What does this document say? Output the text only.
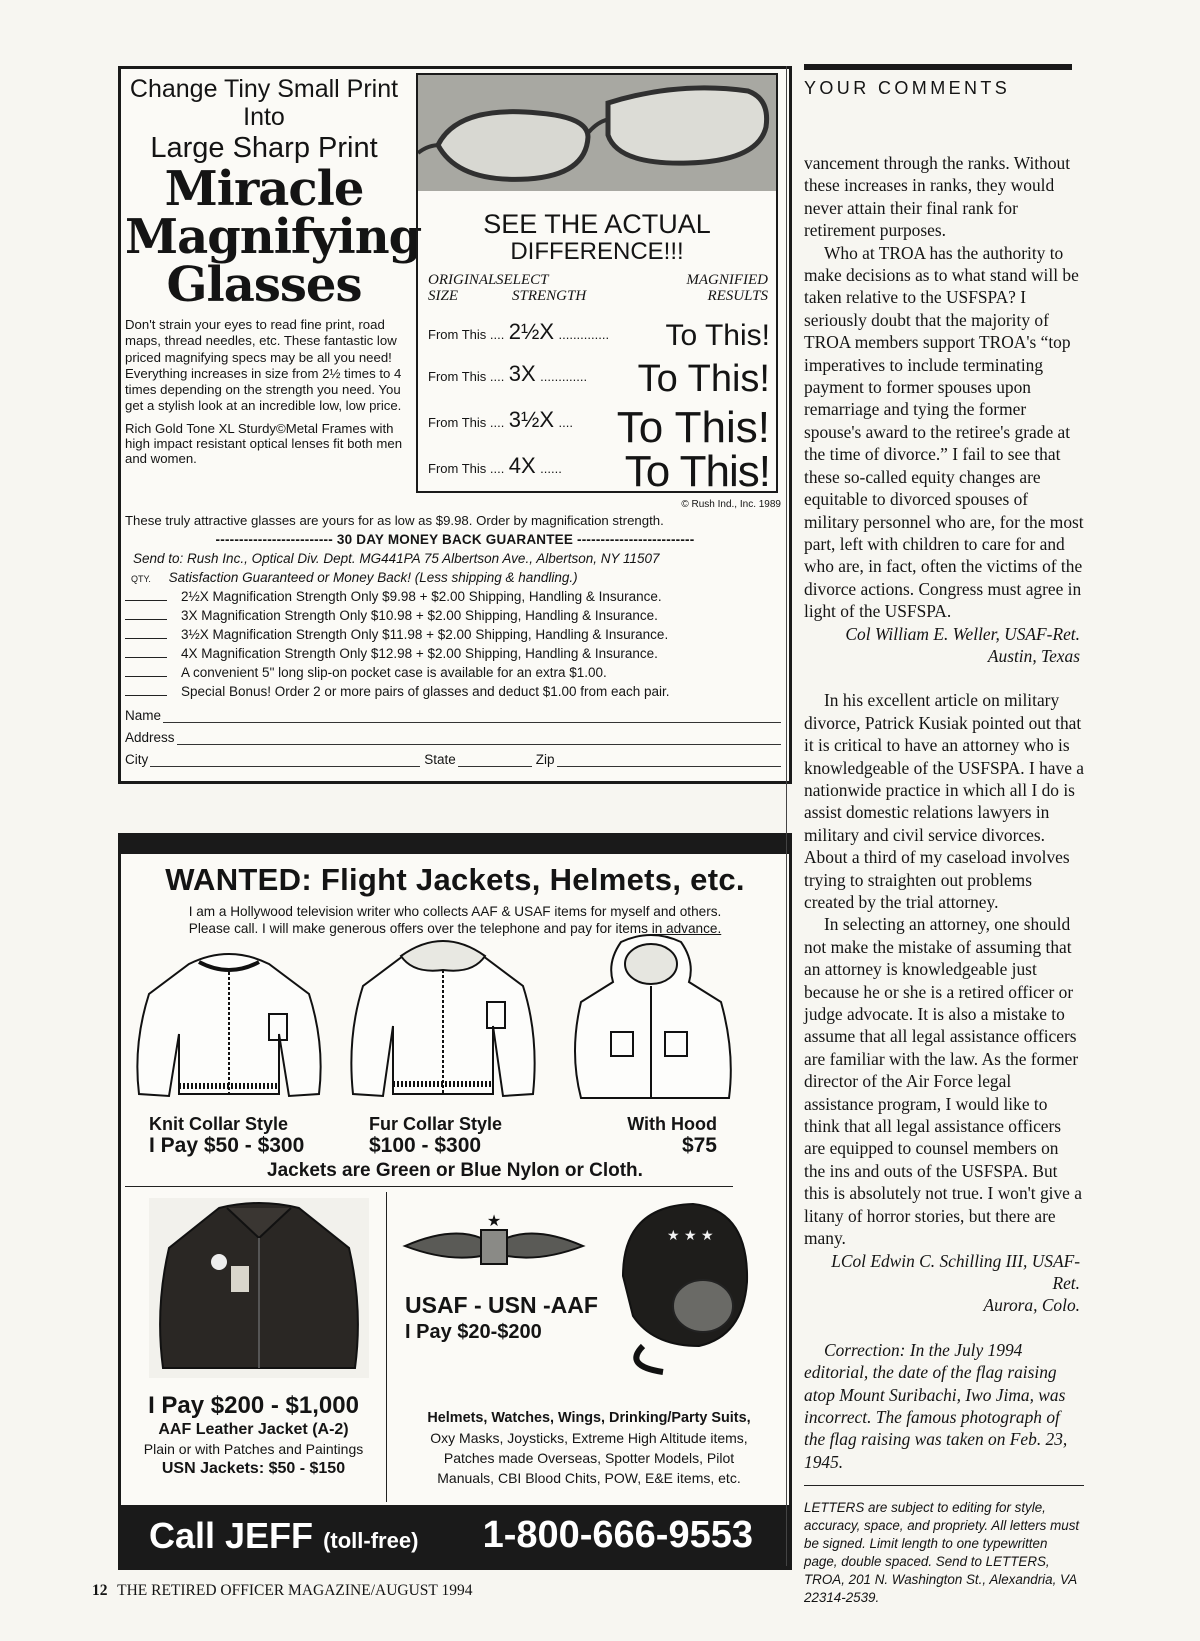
Change Tiny Small Print
Into
Large Sharp Print
Miracle
Magnifying
Glasses
Don't strain your eyes to read fine print, road maps, thread needles, etc. These fantastic low priced magnifying specs may be all you need! Everything increases in size from 2½ times to 4 times depending on the strength you need. You get a stylish look at an incredible low, low price.
Rich Gold Tone XL Sturdy©Metal Frames with high impact resistant optical lenses fit both men and women.
SEE THE ACTUAL
DIFFERENCE!!!
ORIGINAL
SIZE
SELECT
STRENGTH
MAGNIFIED
RESULTS
From This .... 2½X .............. To This!
From This .... 3X ............. To This!
From This .... 3½X .... To This!
From This .... 4X ...... To This!
© Rush Ind., Inc. 1989
These truly attractive glasses are yours for as low as $9.98. Order by magnification strength.
------------------------- 30 DAY MONEY BACK GUARANTEE -------------------------
Send to: Rush Inc., Optical Div. Dept. MG441PA 75 Albertson Ave., Albertson, NY 11507
QTY. Satisfaction Guaranteed or Money Back! (Less shipping & handling.)
2½X Magnification Strength Only $9.98 + $2.00 Shipping, Handling & Insurance.
3X Magnification Strength Only $10.98 + $2.00 Shipping, Handling & Insurance.
3½X Magnification Strength Only $11.98 + $2.00 Shipping, Handling & Insurance.
4X Magnification Strength Only $12.98 + $2.00 Shipping, Handling & Insurance.
A convenient 5" long slip-on pocket case is available for an extra $1.00.
Special Bonus! Order 2 or more pairs of glasses and deduct $1.00 from each pair.
Name
Address
City	State	Zip
WANTED: Flight Jackets, Helmets, etc.
I am a Hollywood television writer who collects AAF & USAF items for myself and others.
Please call. I will make generous offers over the telephone and pay for items in advance.
Knit Collar Style
I Pay $50 - $300
Fur Collar Style
$100 - $300
With Hood
$75
Jackets are Green or Blue Nylon or Cloth.
★
★ ★ ★
USAF - USN -AAF
I Pay $20-$200
I Pay $200 - $1,000
AAF Leather Jacket (A-2)
Plain or with Patches and Paintings
USN Jackets: $50 - $150
Helmets, Watches, Wings, Drinking/Party Suits,
Oxy Masks, Joysticks, Extreme High Altitude items,
Patches made Overseas, Spotter Models, Pilot
Manuals, CBI Blood Chits, POW, E&E items, etc.
Call JEFF (toll-free) 1-800-666-9553
YOUR COMMENTS

vancement through the ranks. Without these increases in ranks, they would never attain their final rank for retirement purposes.

Who at TROA has the authority to make decisions as to what stand will be taken relative to the USFSPA? I seriously doubt that the majority of TROA members support TROA's “top imperatives to include terminating payment to former spouses upon remarriage and tying the former spouse's award to the retiree's grade at the time of divorce.” I fail to see that these so-called equity changes are equitable to divorced spouses of military personnel who are, for the most part, left with children to care for and who are, in fact, often the victims of the divorce actions. Congress must agree in light of the USFSPA.

Col William E. Weller, USAF-Ret.
Austin, Texas

In his excellent article on military divorce, Patrick Kusiak pointed out that it is critical to have an attorney who is knowledgeable of the USFSPA. I have a nationwide practice in which all I do is assist domestic relations lawyers in military and civil service divorces. About a third of my caseload involves trying to straighten out problems created by the trial attorney.

In selecting an attorney, one should not make the mistake of assuming that an attorney is knowledgeable just because he or she is a retired officer or judge advocate. It is also a mistake to assume that all legal assistance officers are familiar with the law. As the former director of the Air Force legal assistance program, I would like to think that all legal assistance officers are equipped to counsel members on the ins and outs of the USFSPA. But this is absolutely not true. I won't give a litany of horror stories, but there are many.

LCol Edwin C. Schilling III, USAF-Ret.
Aurora, Colo.

Correction: In the July 1994 editorial, the date of the flag raising atop Mount Suribachi, Iwo Jima, was incorrect. The famous photograph of the flag raising was taken on Feb. 23, 1945.

LETTERS are subject to editing for style, accuracy, space, and propriety. All letters must be signed. Limit length to one typewritten page, double spaced. Send to LETTERS, TROA, 201 N. Washington St., Alexandria, VA 22314-2539.
12 THE RETIRED OFFICER MAGAZINE/AUGUST 1994
